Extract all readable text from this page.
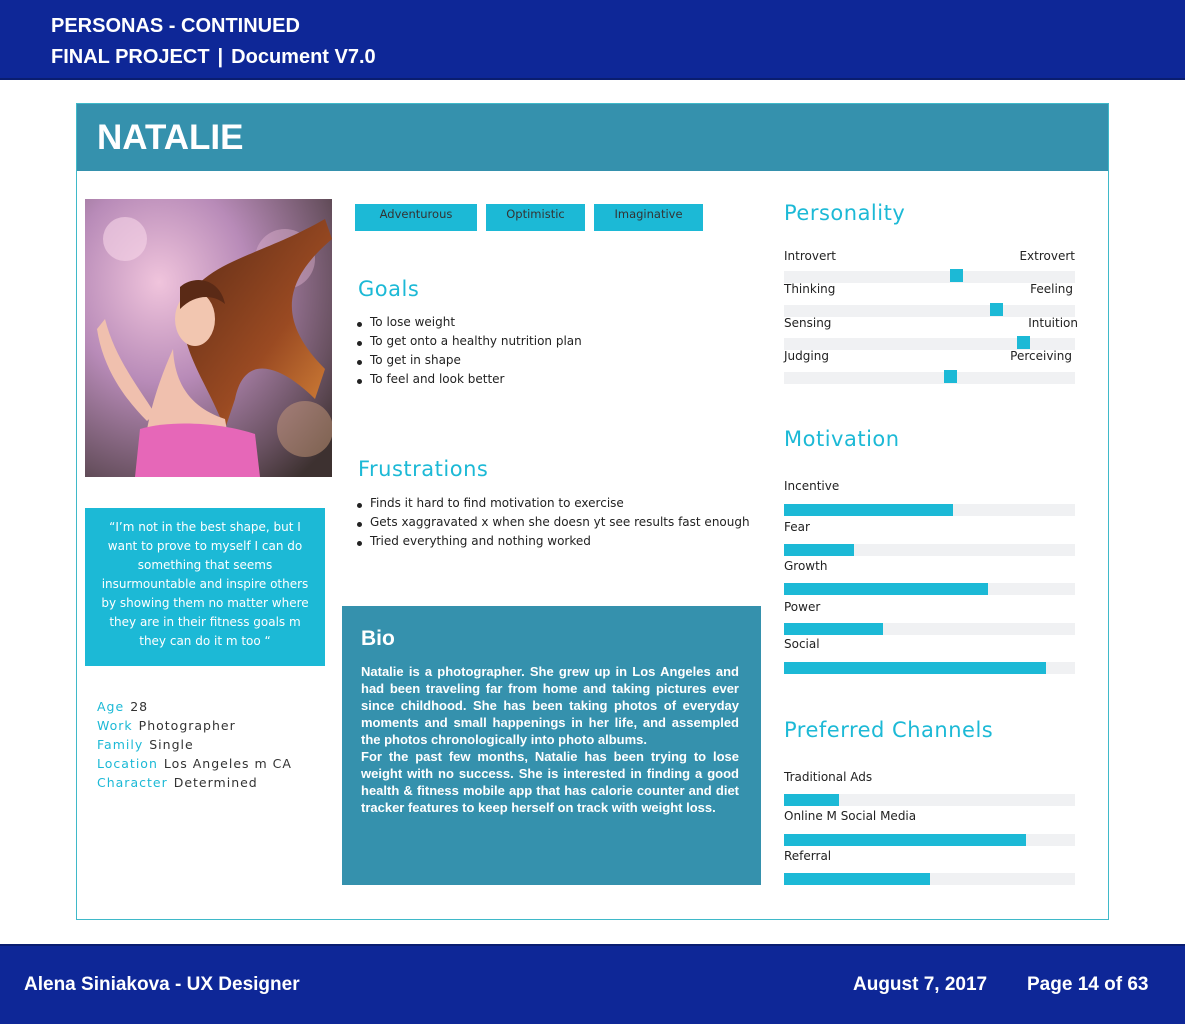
PERSONAS - CONTINUED
FINAL PROJECT | Document V7.0
NATALIE

“I’m not in the best shape, but I want to prove to myself I can do something that seems insurmountable and inspire others by showing them no matter where they are in their fitness goals m they can do it m too “

Age 28
Work Photographer
Family Single
Location Los Angeles m CA
Character Determined
Adventurous	Optimistic	Imaginative
Goals
To lose weight
To get onto a healthy nutrition plan
To get in shape
To feel and look better
Frustrations
Finds it hard to find motivation to exercise
Gets xaggravated x when she doesn yt see results fast enough
Tried everything and nothing worked
Bio

Natalie is a photographer. She grew up in Los Angeles and had been traveling far from home and taking pictures ever since childhood. She has been taking photos of everyday moments and small happenings in her life, and assempled the photos chronologically into photo albums.
For the past few months, Natalie has been trying to lose weight with no success. She is interested in finding a good health & fitness mobile app that has calorie counter and diet tracker features to keep herself on track with weight loss.

Personality
Introvert	Extrovert
Thinking	Feeling
Sensing	Intuition
Judging	Perceiving
Motivation
Incentive
Fear
Growth
Power
Social
Preferred Channels
Traditional Ads
Online M Social Media
Referral
Alena Siniakova - UX Designer	August 7, 2017 Page 14 of 63
